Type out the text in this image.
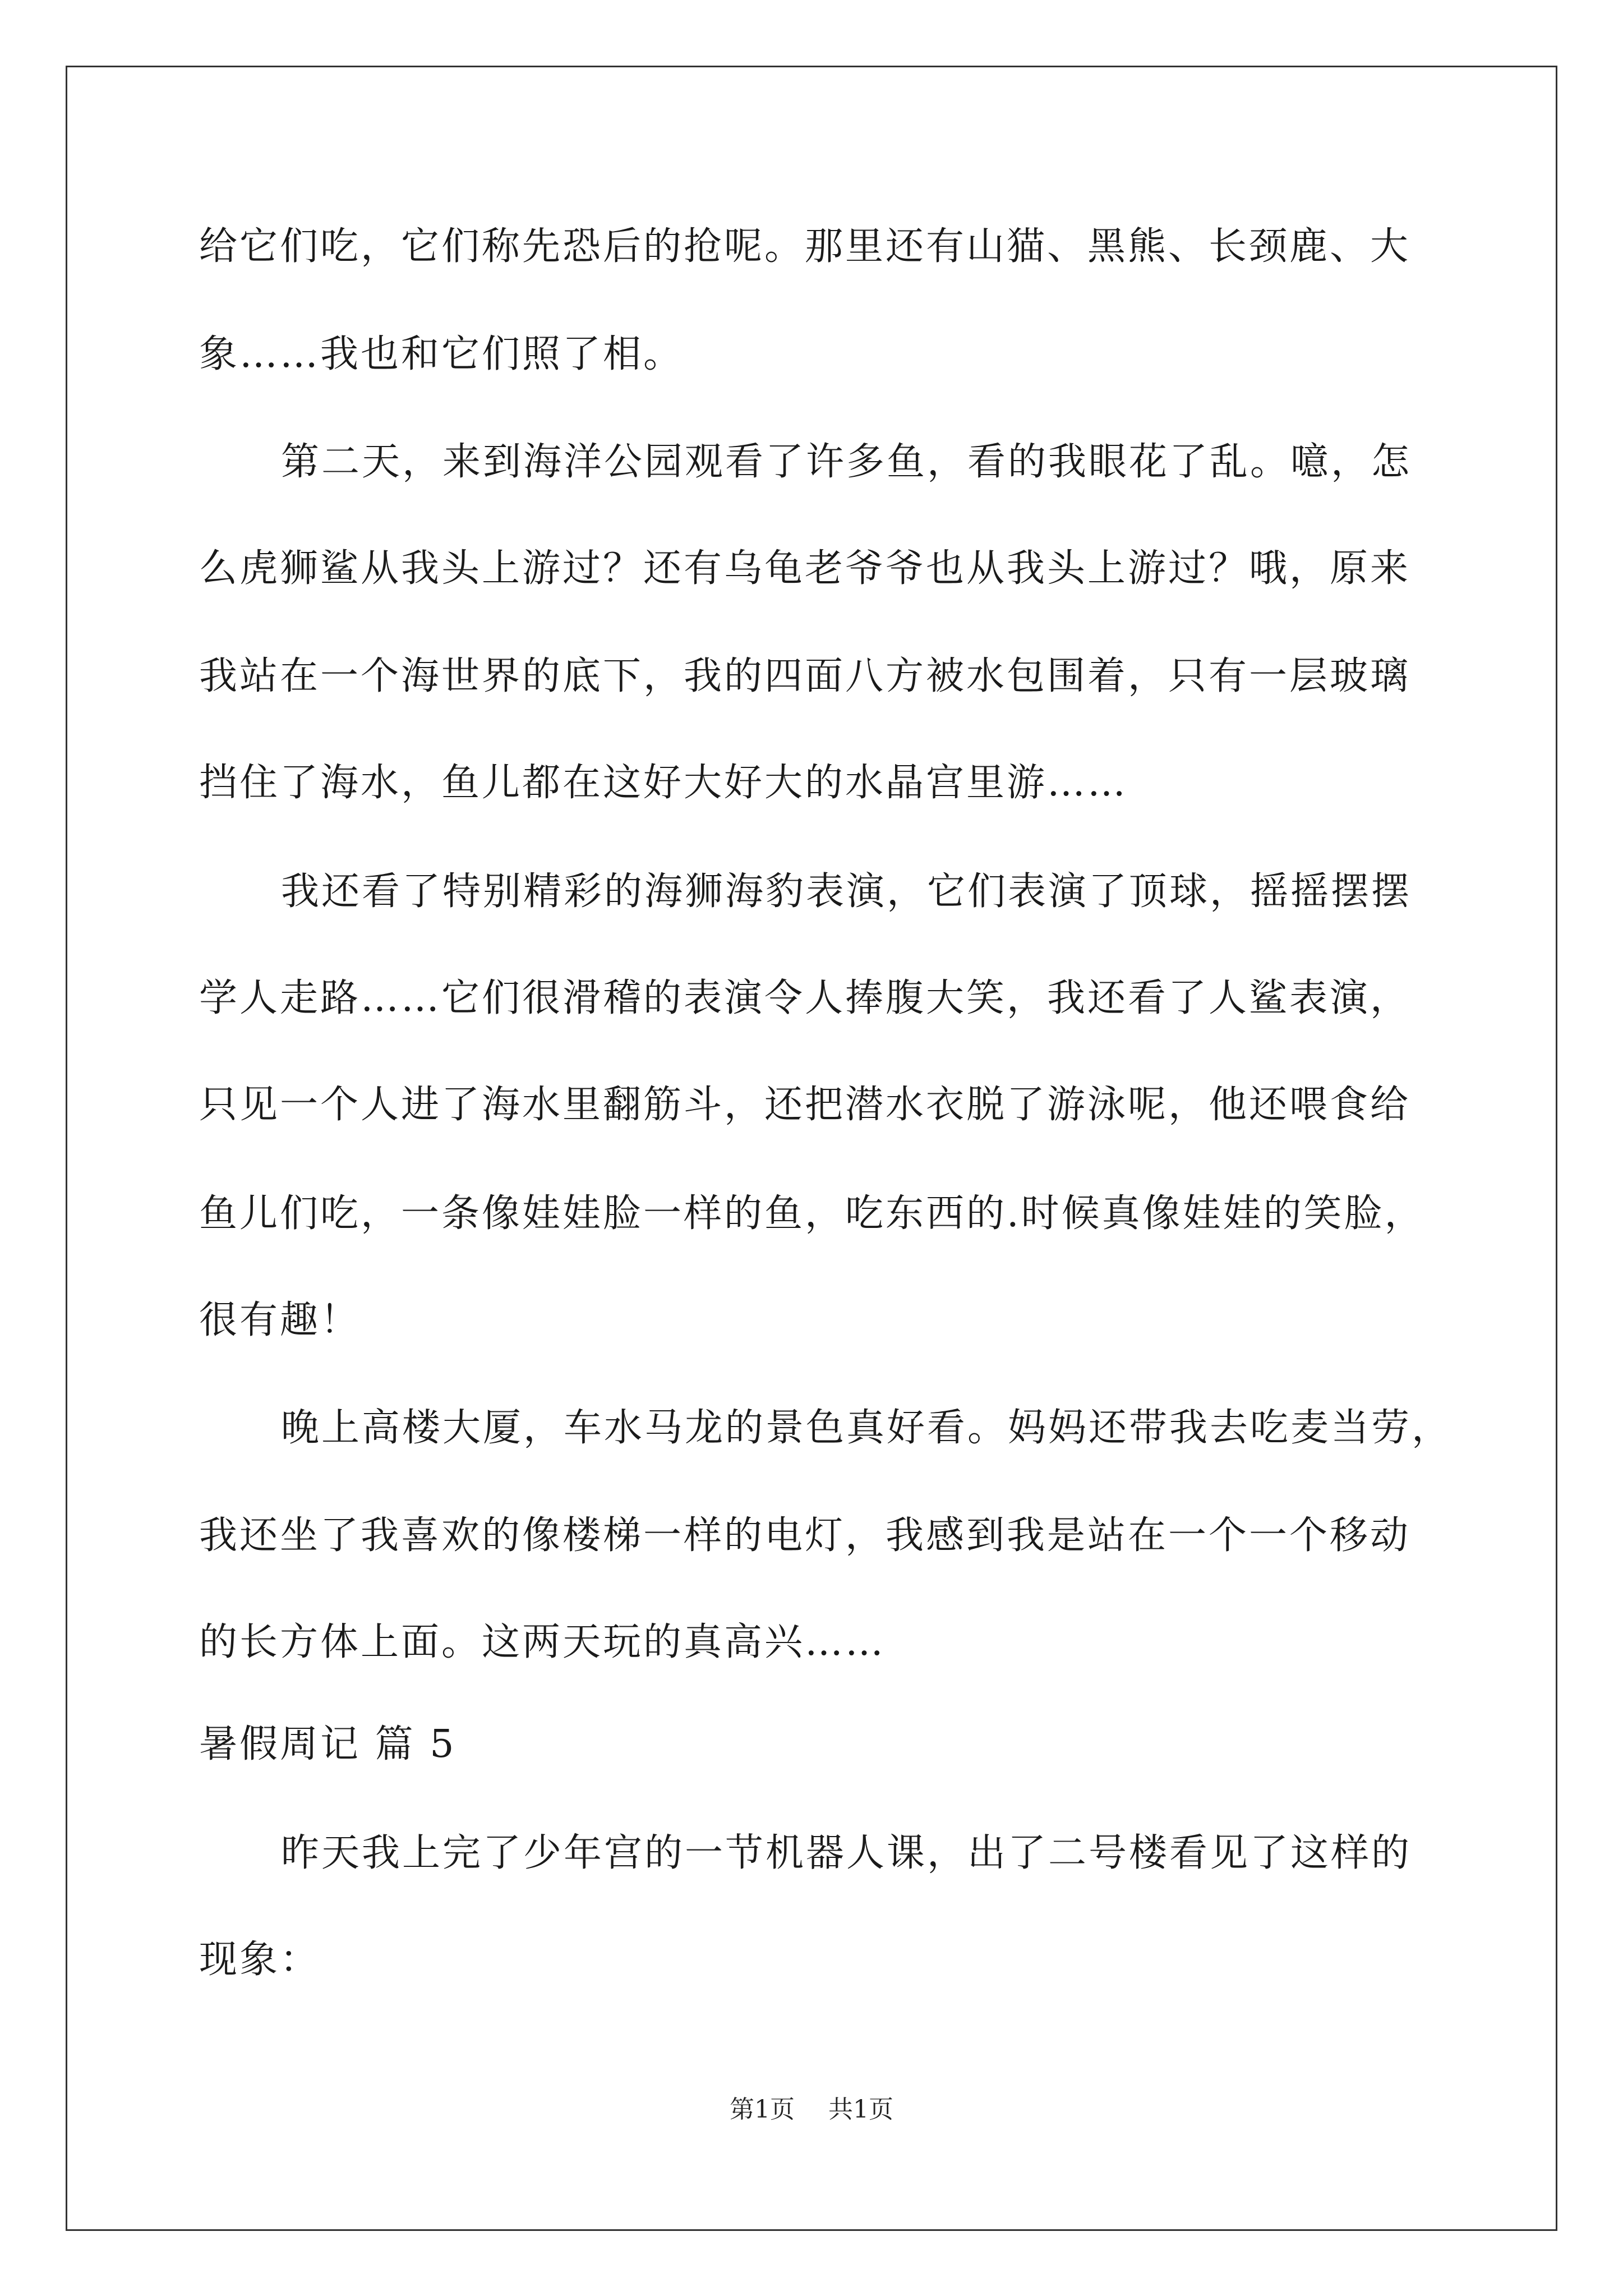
给它们吃，它们称先恐后的抢呢。那里还有山猫、黑熊、长颈鹿、大
象……我也和它们照了相。
第二天，来到海洋公园观看了许多鱼，看的我眼花了乱。噫，怎
么虎狮鲨从我头上游过？还有乌龟老爷爷也从我头上游过？哦，原来
我站在一个海世界的底下，我的四面八方被水包围着，只有一层玻璃
挡住了海水，鱼儿都在这好大好大的水晶宫里游……
我还看了特别精彩的海狮海豹表演，它们表演了顶球，摇摇摆摆
学人走路……它们很滑稽的表演令人捧腹大笑，我还看了人鲨表演，
只见一个人进了海水里翻筋斗，还把潜水衣脱了游泳呢，他还喂食给
鱼儿们吃，一条像娃娃脸一样的鱼，吃东西的.时候真像娃娃的笑脸，
很有趣！
晚上高楼大厦，车水马龙的景色真好看。妈妈还带我去吃麦当劳，
我还坐了我喜欢的像楼梯一样的电灯，我感到我是站在一个一个移动
的长方体上面。这两天玩的真高兴……
暑假周记 篇 5
昨天我上完了少年宫的一节机器人课，出了二号楼看见了这样的
现象：
第1页 共1页
